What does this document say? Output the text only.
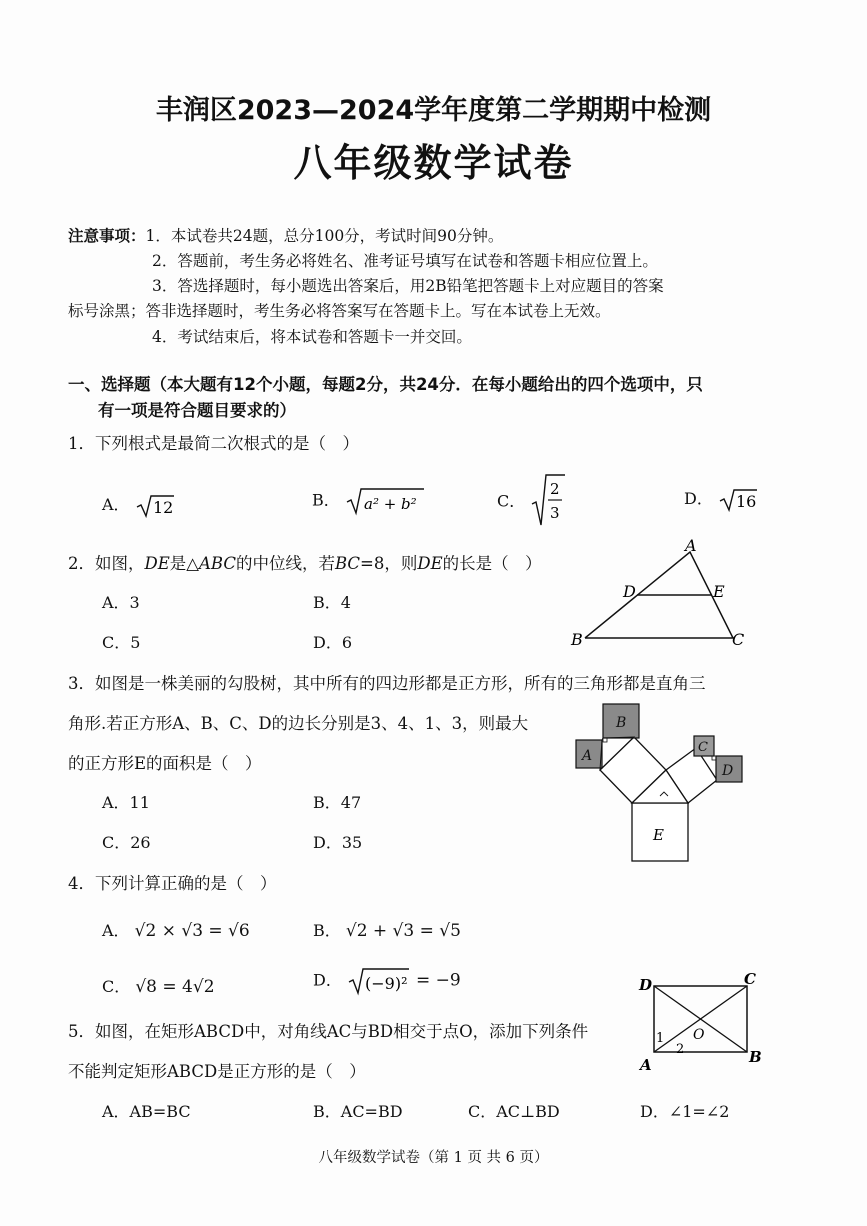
丰润区2023—2024学年度第二学期期中检测
八年级数学试卷
注意事项：1．本试卷共24题，总分100分，考试时间90分钟。
2．答题前，考生务必将姓名、准考证号填写在试卷和答题卡相应位置上。
3．答选择题时，每小题选出答案后，用2B铅笔把答题卡上对应题目的答案
标号涂黑；答非选择题时，考生务必将答案写在答题卡上。写在本试卷上无效。
4．考试结束后，将本试卷和答题卡一并交回。
一、选择题（本大题有12个小题，每题2分，共24分．在每小题给出的四个选项中，只
有一项是符合题目要求的）
1．下列根式是最简二次根式的是（　）
A． 12	B． a² + b²	C．
2
3
D． 16
2．如图，DE是△ABC的中位线，若BC=8，则DE的长是（　）
A．3	B．4
C．5	D．6
A
D	E
B	C
3．如图是一株美丽的勾股树，其中所有的四边形都是正方形，所有的三角形都是直角三
角形.若正方形A、B、C、D的边长分别是3、4、1、3，则最大
的正方形E的面积是（　）
A．11	B．47
C．26	D．35	E
A
B
C
D
4．下列计算正确的是（　）
A． √2 × √3 = √6	B． √2 + √3 = √5
C． √8 = 4√2	D． (−9)² = −9	D	C
A	B
O
1
2
5．如图，在矩形ABCD中，对角线AC与BD相交于点O，添加下列条件
不能判定矩形ABCD是正方形的是（　）
A．AB=BC	B．AC=BD	C．AC⊥BD	D．∠1=∠2
八年级数学试卷（第 1 页 共 6 页）
